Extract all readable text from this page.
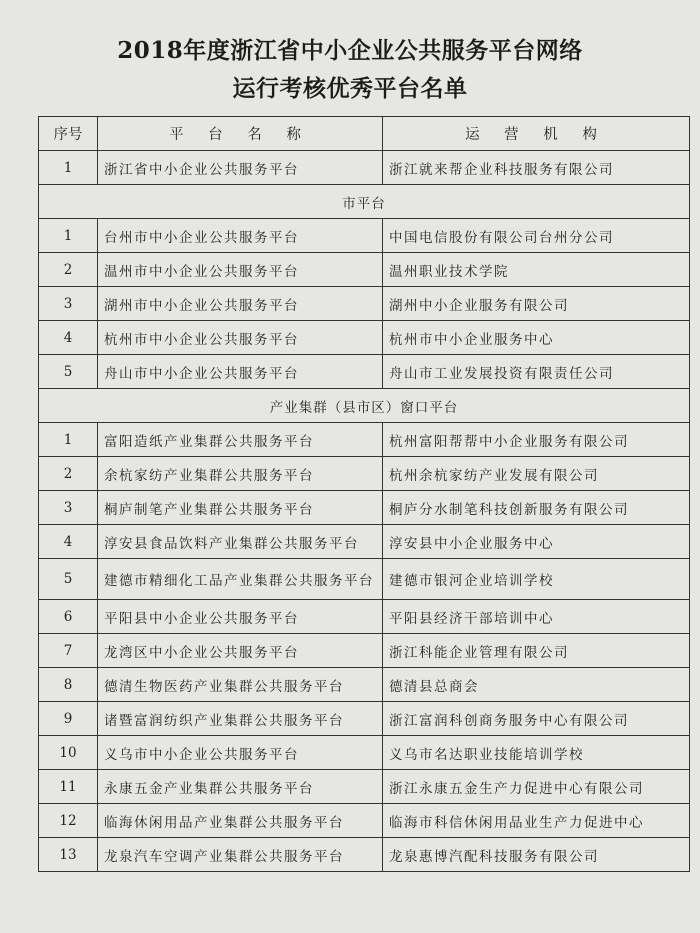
2018年度浙江省中小企业公共服务平台网络
运行考核优秀平台名单
序号	平 台 名 称	运 营 机 构
1	浙江省中小企业公共服务平台	浙江就来帮企业科技服务有限公司
市平台		
1	台州市中小企业公共服务平台	中国电信股份有限公司台州分公司
2	温州市中小企业公共服务平台	温州职业技术学院
3	湖州市中小企业公共服务平台	湖州中小企业服务有限公司
4	杭州市中小企业公共服务平台	杭州市中小企业服务中心
5	舟山市中小企业公共服务平台	舟山市工业发展投资有限责任公司
产业集群（县市区）窗口平台		
1	富阳造纸产业集群公共服务平台	杭州富阳帮帮中小企业服务有限公司
2	余杭家纺产业集群公共服务平台	杭州余杭家纺产业发展有限公司
3	桐庐制笔产业集群公共服务平台	桐庐分水制笔科技创新服务有限公司
4	淳安县食品饮料产业集群公共服务平台	淳安县中小企业服务中心
5	建德市精细化工品产业集群公共服务平台	建德市银河企业培训学校
6	平阳县中小企业公共服务平台	平阳县经济干部培训中心
7	龙湾区中小企业公共服务平台	浙江科能企业管理有限公司
8	德清生物医药产业集群公共服务平台	德清县总商会
9	诸暨富润纺织产业集群公共服务平台	浙江富润科创商务服务中心有限公司
10	义乌市中小企业公共服务平台	义乌市名达职业技能培训学校
11	永康五金产业集群公共服务平台	浙江永康五金生产力促进中心有限公司
12	临海休闲用品产业集群公共服务平台	临海市科信休闲用品业生产力促进中心
13	龙泉汽车空调产业集群公共服务平台	龙泉惠博汽配科技服务有限公司
